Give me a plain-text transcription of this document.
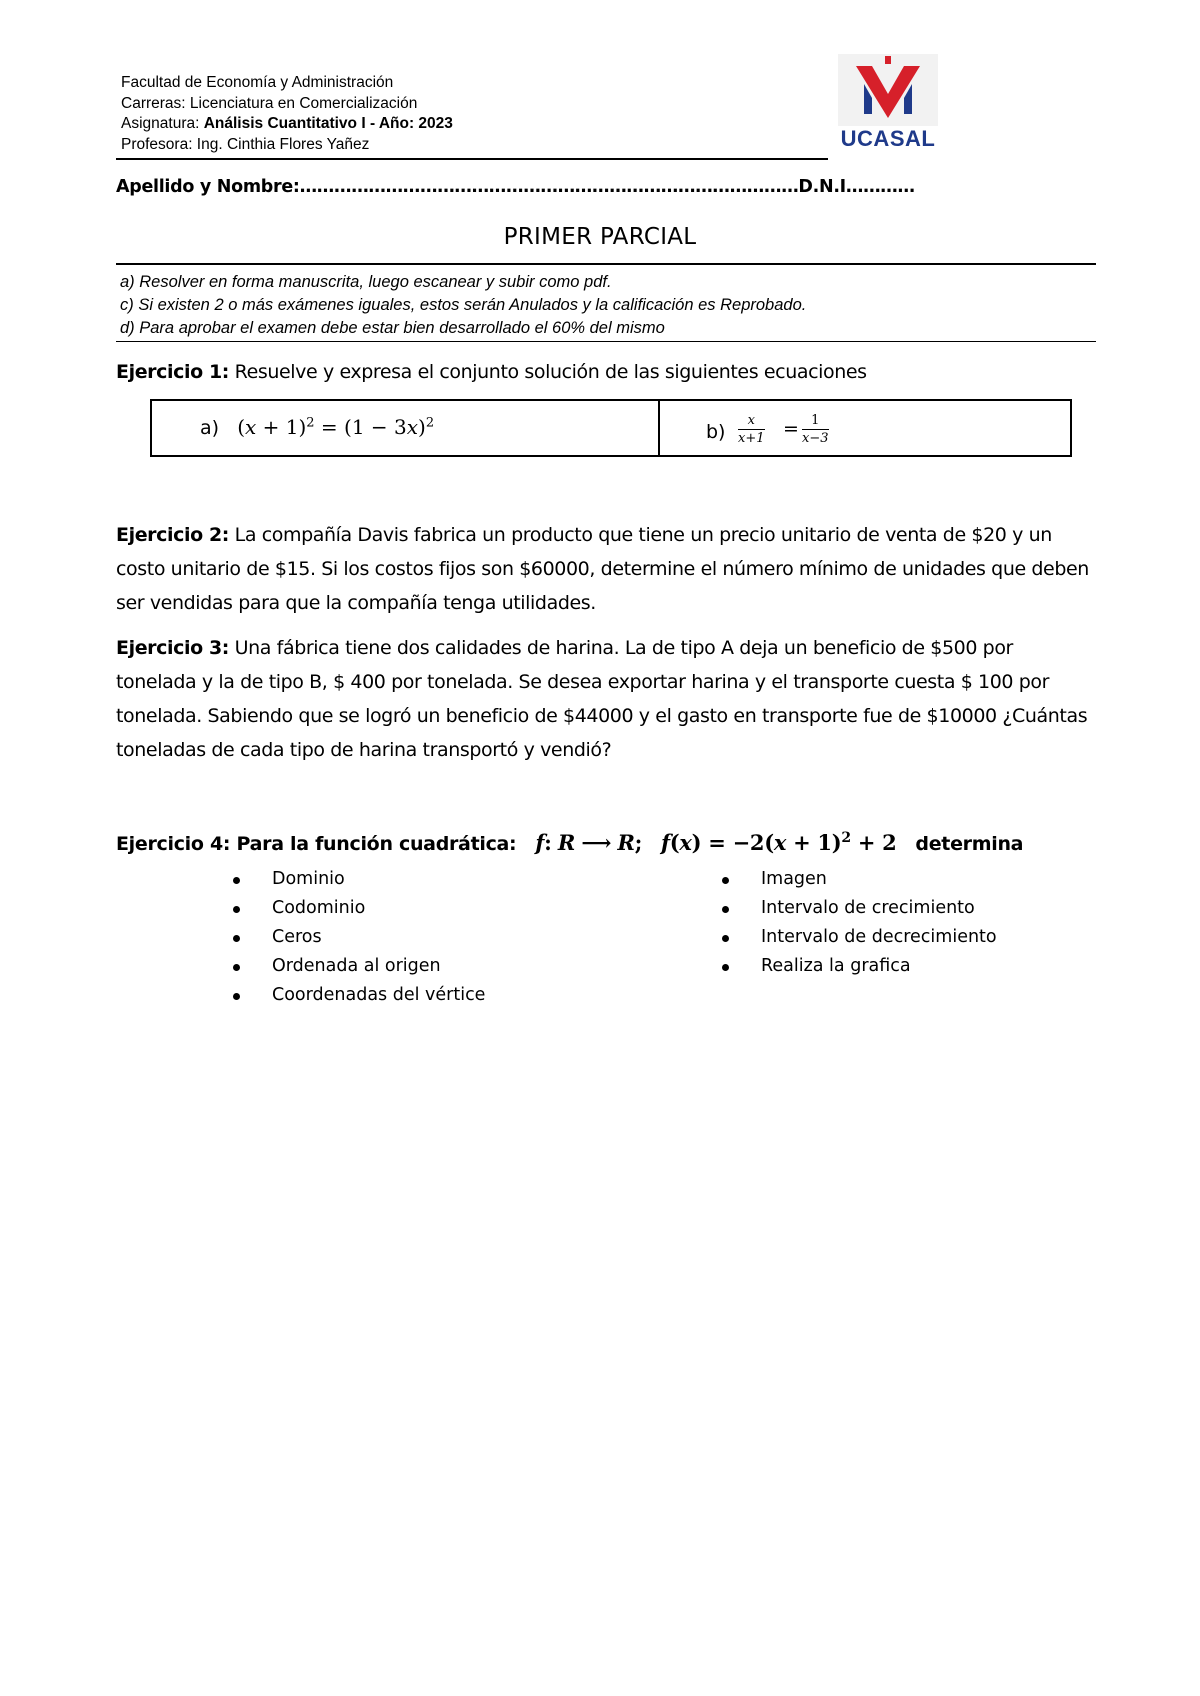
Facultad de Economía y Administración
Carreras: Licenciatura en Comercialización
Asignatura: Análisis Cuantitativo I - Año: 2023
Profesora: Ing. Cinthia Flores Yañez	UCASAL
Apellido y Nombre:……………………………………………………………………………D.N.I…………
PRIMER PARCIAL
a) Resolver en forma manuscrita, luego escanear y subir como pdf.
c) Si existen 2 o más exámenes iguales, estos serán Anulados y la calificación es Reprobado.
d) Para aprobar el examen debe estar bien desarrollado el 60% del mismo
Ejercicio 1: Resuelve y expresa el conjunto solución de las siguientes ecuaciones
a) $(x + 1)^2 = (1 - 3x)^2$	$b) \frac{x}{x+1} = \frac{1}{x-3}$
Ejercicio 2: La compañía Davis fabrica un producto que tiene un precio unitario de venta de $20 y un costo unitario de $15. Si los costos fijos son $60000, determine el número mínimo de unidades que deben ser vendidas para que la compañía tenga utilidades.
Ejercicio 3: Una fábrica tiene dos calidades de harina. La de tipo A deja un beneficio de $500 por tonelada y la de tipo B, $ 400 por tonelada. Se desea exportar harina y el transporte cuesta $ 100 por tonelada. Sabiendo que se logró un beneficio de $44000 y el gasto en transporte fue de $10000 ¿Cuántas toneladas de cada tipo de harina transportó y vendió?
Ejercicio 4: Para la función cuadrática: f: R ⟶ R; $f(x) = -2(x + 1)^2 + 2$ determina
Dominio
Codominio
Ceros
Ordenada al origen
Coordenadas del vértice
Imagen
Intervalo de crecimiento
Intervalo de decrecimiento
Realiza la grafica
